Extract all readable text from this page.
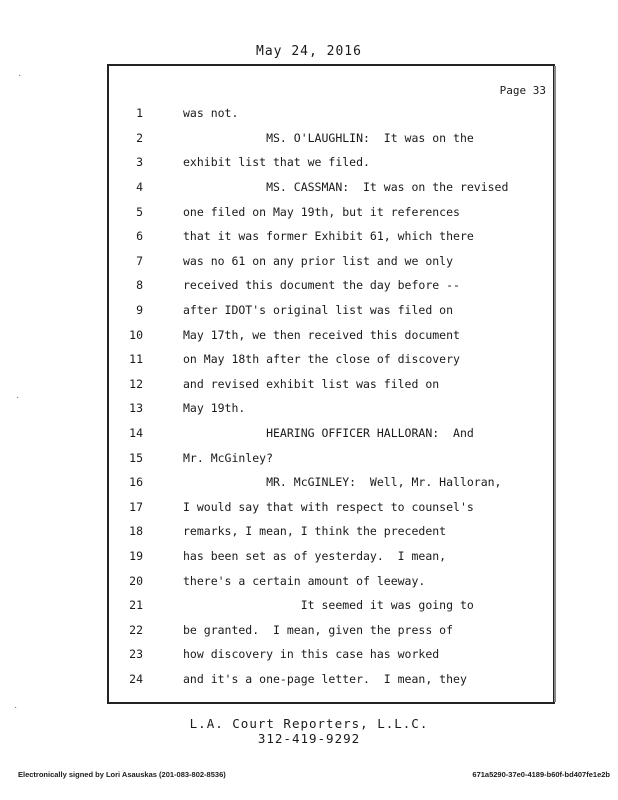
May 24, 2016
Page 33
1	was not.
2	MS. O'LAUGHLIN:  It was on the
3	exhibit list that we filed.
4	MS. CASSMAN:  It was on the revised
5	one filed on May 19th, but it references
6	that it was former Exhibit 61, which there
7	was no 61 on any prior list and we only
8	received this document the day before --
9	after IDOT's original list was filed on
10	May 17th, we then received this document
11	on May 18th after the close of discovery
12	and revised exhibit list was filed on
13	May 19th.
14	HEARING OFFICER HALLORAN:  And
15	Mr. McGinley?
16	MR. McGINLEY:  Well, Mr. Halloran,
17	I would say that with respect to counsel's
18	remarks, I mean, I think the precedent
19	has been set as of yesterday.  I mean,
20	there's a certain amount of leeway.
21	It seemed it was going to
22	be granted.  I mean, given the press of
23	how discovery in this case has worked
24	and it's a one-page letter.  I mean, they
L.A. Court Reporters, L.L.C.
312-419-9292
Electronically signed by Lori Asauskas (201-083-802-8536)	671a5290-37e0-4189-b60f-bd407fe1e2b
·
·
·
